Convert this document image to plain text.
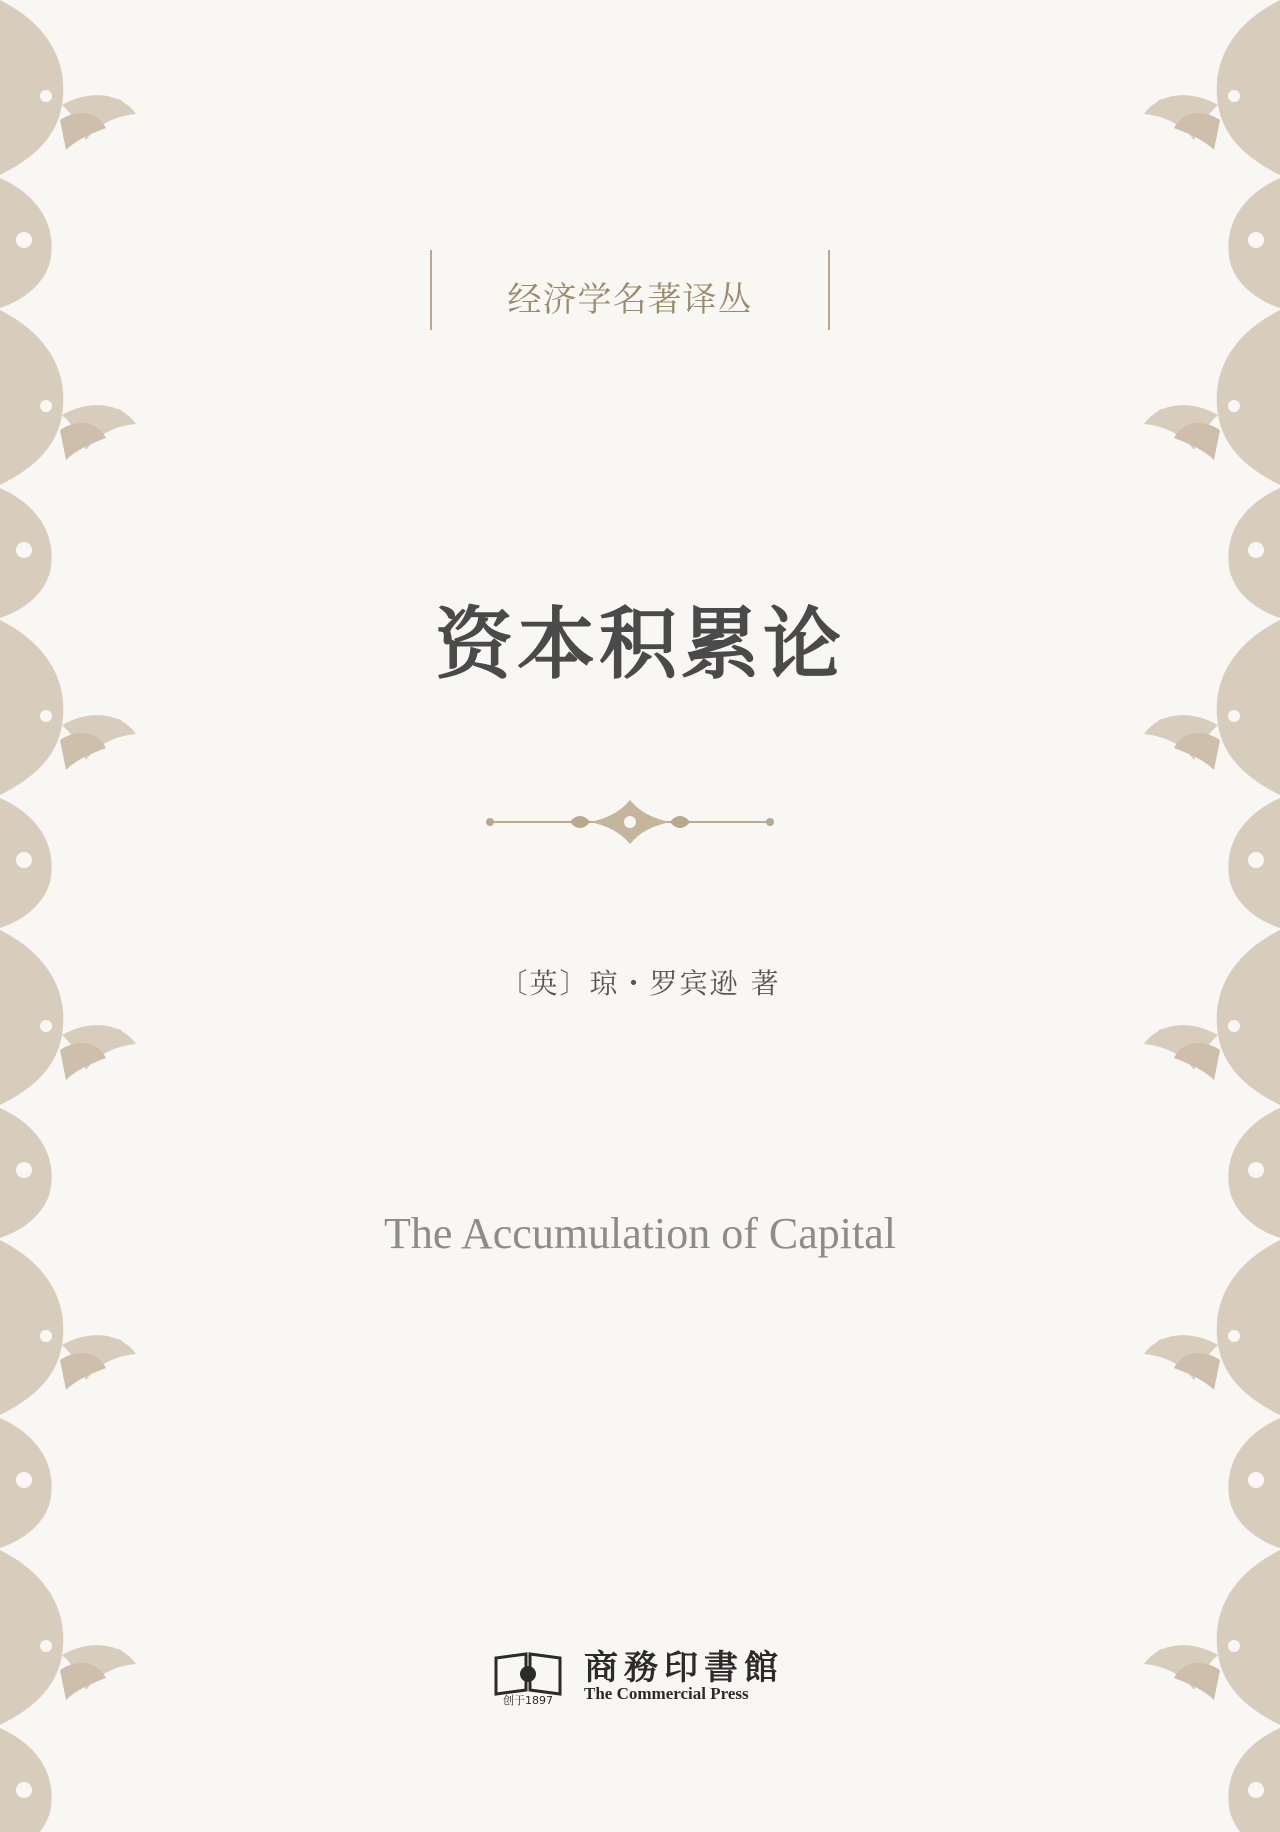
经济学名著译丛
资本积累论
〔英〕琼・罗宾逊 著
The Accumulation of Capital
创于1897
商務印書館
The Commercial Press
